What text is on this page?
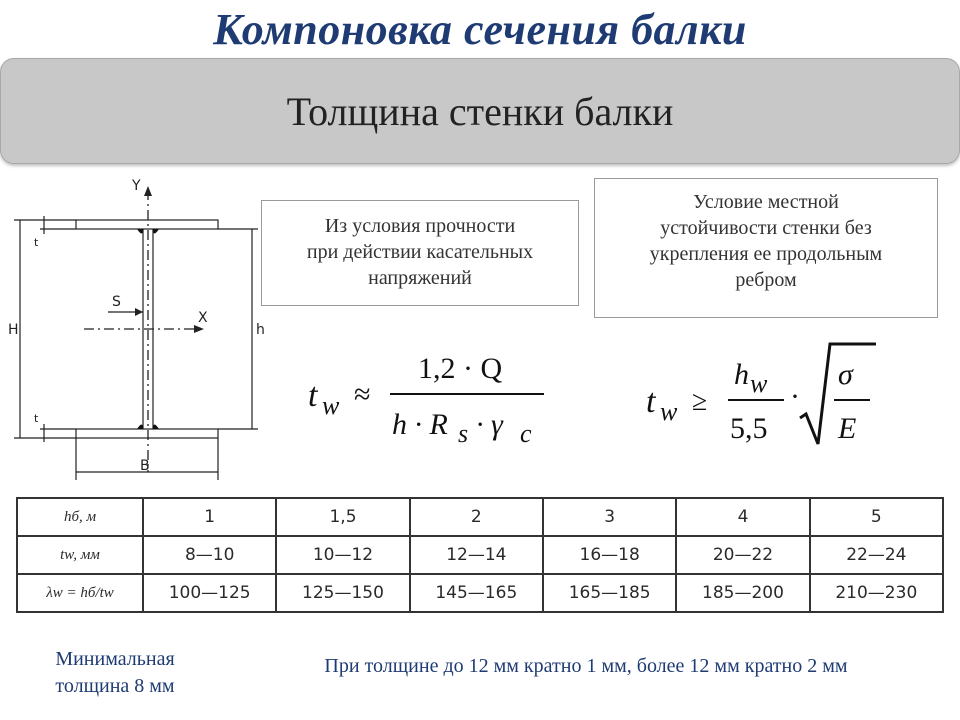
Компоновка сечения балки
Толщина стенки балки
Y
X
S
H	h
B
t
t
Из условия прочности
при действии касательных
напряжений
Условие местной
устойчивости стенки без
укрепления ее продольным
ребром
t w ≈
1,2 · Q
h · R s · γ c
t w ≥
h w
5,5
·
σ
E
hб, м	1	1,5	2	3	4	5
tw, мм	8—10	10—12	12—14	16—18	20—22	22—24
λw = hб/tw	100—125	125—150	145—165	165—185	185—200	210—230
Минимальная
толщина 8 мм
При толщине до 12 мм кратно 1 мм, более 12 мм кратно 2 мм
